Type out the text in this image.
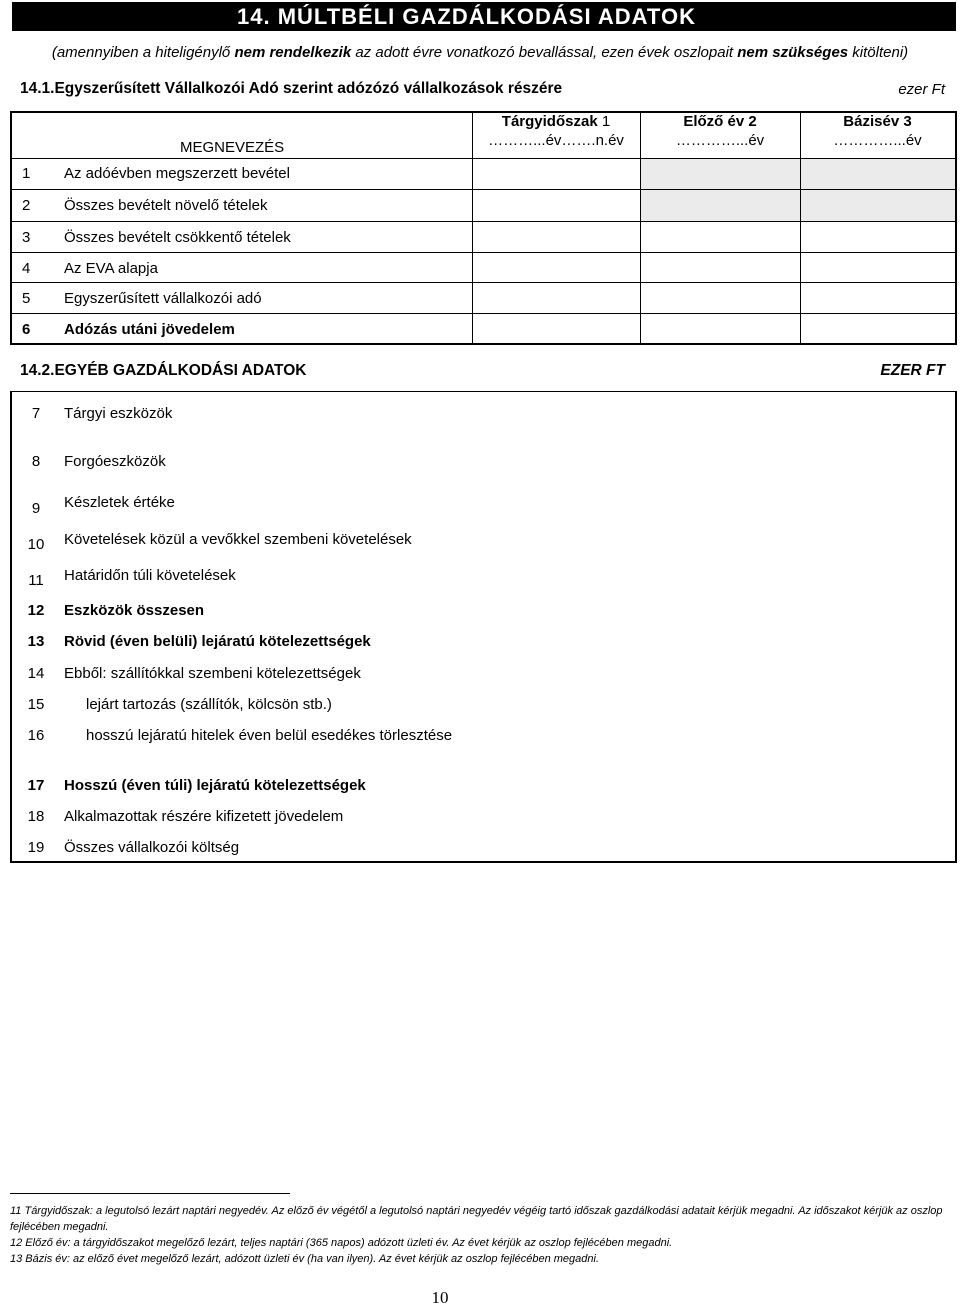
14. MÚLTBÉLI GAZDÁLKODÁSI ADATOK
(amennyiben a hiteligénylő nem rendelkezik az adott évre vonatkozó bevallással, ezen évek oszlopait nem szükséges kitölteni)
14.1.Egyszerűsített Vállalkozói Adó szerint adózózó vállalkozások részére	ezer Ft
MEGNEVEZÉS
Tárgyidőszak 1
………...év…….n.év
Előző év 2
…………...év
Bázisév 3
…………...év
1 Az adóévben megszerzett bevétel
2 Összes bevételt növelő tételek
3 Összes bevételt csökkentő tételek
4 Az EVA alapja
5 Egyszerűsített vállalkozói adó
6 Adózás utáni jövedelem
14.2.EGYÉB GAZDÁLKODÁSI ADATOK	EZER FT
7	Tárgyi eszközök
8	Forgóeszközök
9	Készletek értéke
10	Követelések közül a vevőkkel szembeni követelések
11	Határidőn túli követelések
12	Eszközök összesen
13	Rövid (éven belüli) lejáratú kötelezettségek
14	Ebből: szállítókkal szembeni kötelezettségek
15	lejárt tartozás (szállítók, kölcsön stb.)
16	hosszú lejáratú hitelek éven belül esedékes törlesztése
17	Hosszú (éven túli) lejáratú kötelezettségek
18	Alkalmazottak részére kifizetett jövedelem
19	Összes vállalkozói költség
11 Tárgyidőszak: a legutolsó lezárt naptári negyedév. Az előző év végétől a legutolsó naptári negyedév végéig tartó időszak gazdálkodási adatait kérjük megadni. Az időszakot kérjük az oszlop fejlécében megadni.
12 Előző év: a tárgyidőszakot megelőző lezárt, teljes naptári (365 napos) adózott üzleti év. Az évet kérjük az oszlop fejlécében megadni.
13 Bázis év: az előző évet megelőző lezárt, adózott üzleti év (ha van ilyen). Az évet kérjük az oszlop fejlécében megadni.
10
